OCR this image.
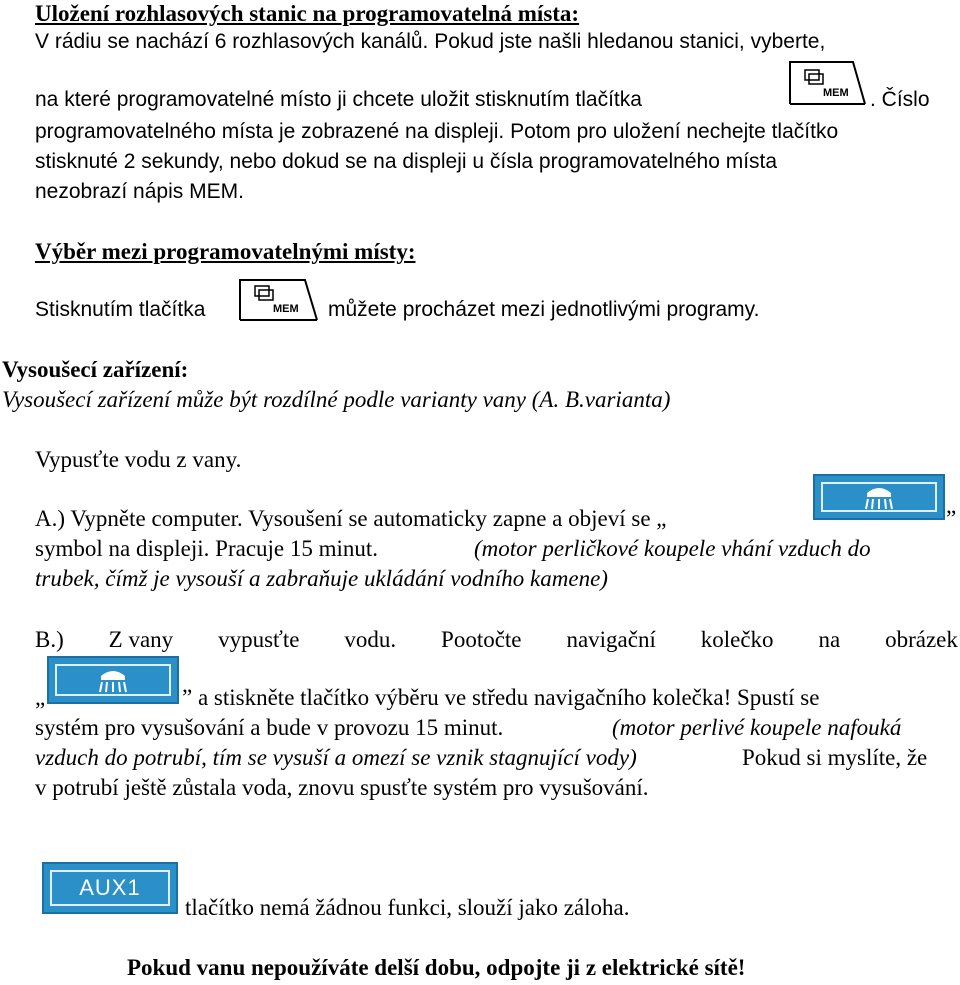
Uložení rozhlasových stanic na programovatelná místa:
V rádiu se nachází 6 rozhlasových kanálů. Pokud jste našli hledanou stanici, vyberte,
na které programovatelné místo ji chcete uložit stisknutím tlačítka	MEM . Číslo
programovatelného místa je zobrazené na displeji. Potom pro uložení nechejte tlačítko
stisknuté 2 sekundy, nebo dokud se na displeji u čísla programovatelného místa
nezobrazí nápis MEM.
Výběr mezi programovatelnými místy:
Stisknutím tlačítka	MEM můžete procházet mezi jednotlivými programy.
Vysoušecí zařízení:
Vysoušecí zařízení může být rozdílné podle varianty vany (A. B.varianta)
Vypusťte vodu z vany.
A.) Vypněte computer. Vysoušení se automaticky zapne a objeví se „	”
symbol na displeji. Pracuje 15 minut.	(motor perličkové koupele vhání vzduch do
trubek, čímž je vysouší a zabraňuje ukládání vodního kamene)
B.) Z vany vypusťte vodu. Pootočte navigační kolečko na obrázek
„	” a stiskněte tlačítko výběru ve středu navigačního kolečka! Spustí se
systém pro vysušování a bude v provozu 15 minut.	(motor perlivé koupele nafouká
vzduch do potrubí, tím se vysuší a omezí se vznik stagnující vody)	Pokud si myslíte, že
v potrubí ještě zůstala voda, znovu spusťte systém pro vysušování.
AUX1
tlačítko nemá žádnou funkci, slouží jako záloha.
Pokud vanu nepoužíváte delší dobu, odpojte ji z elektrické sítě!
